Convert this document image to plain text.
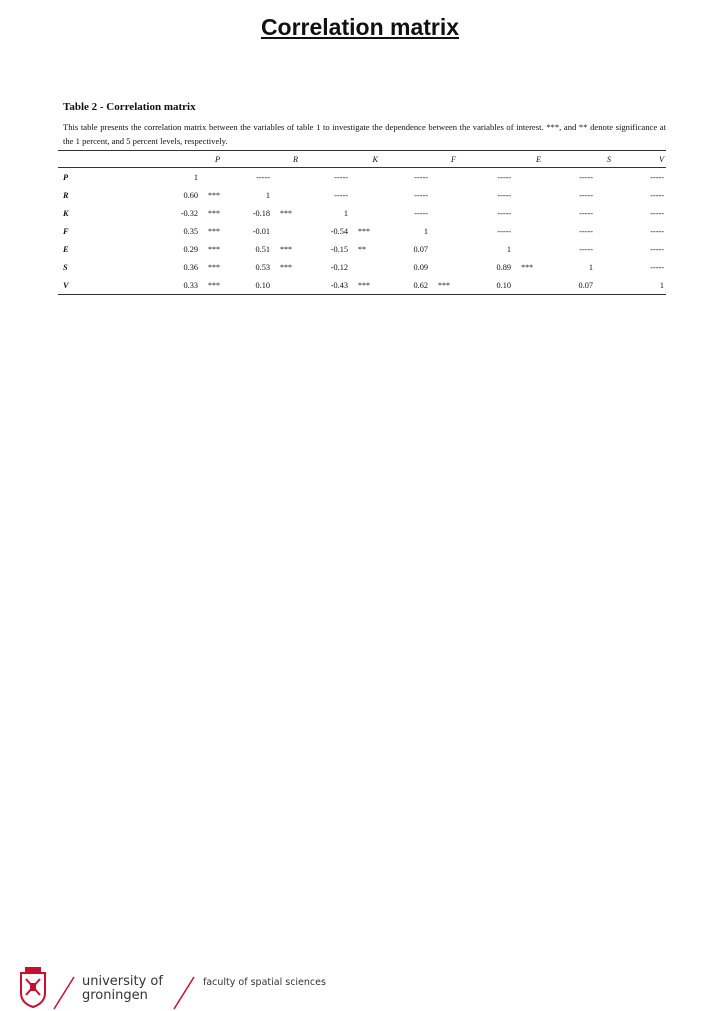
Correlation matrix
Table 2 - Correlation matrix
This table presents the correlation matrix between the variables of table 1 to investigate the dependence between the variables of interest. ***, and ** denote significance at the 1 percent, and 5 percent levels, respectively.
	P		R		K		F		E		S		V
P	1		-----		-----		-----		-----		-----		-----
R	0.60	***	1		-----		-----		-----		-----		-----
K	-0.32	***	-0.18	***	1		-----		-----		-----		-----
F	0.35	***	-0.01		-0.54	***	1		-----		-----		-----
E	0.29	***	0.51	***	-0.15	**	0.07		1		-----		-----
S	0.36	***	0.53	***	-0.12		0.09		0.89	***	1		-----
V	0.33	***	0.10		-0.43	***	0.62	***	0.10		0.07		1
university of
groningen
faculty of spatial sciences
